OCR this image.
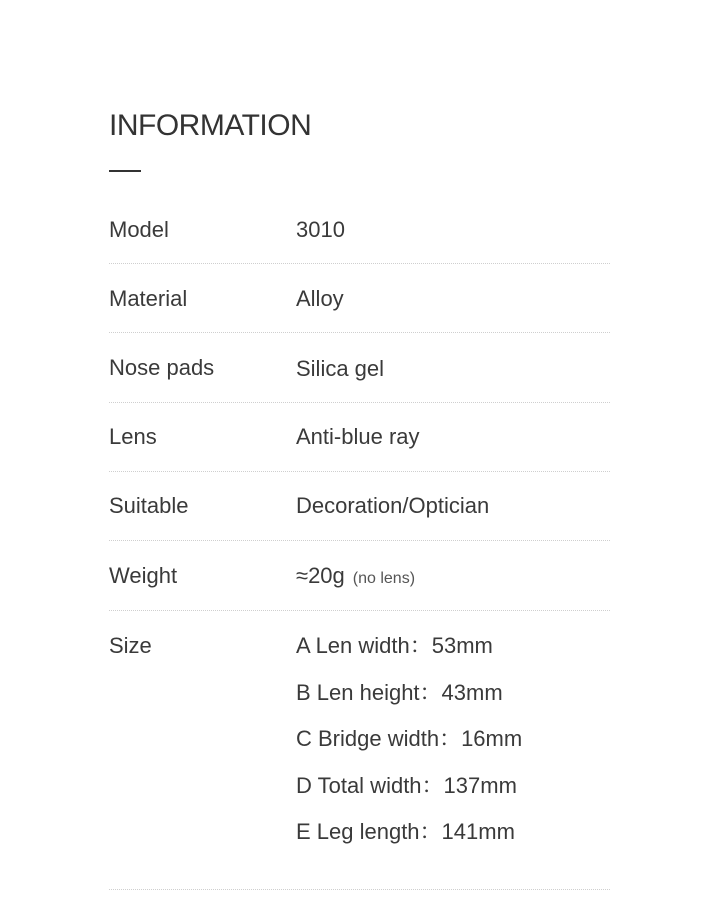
INFORMATION
Model	3010
Material	Alloy
Nose pads	Silica gel
Lens	Anti-blue ray
Suitable	Decoration/Optician
Weight	≈20g (no lens)
Size	A Len width：53mm
B Len height：43mm
C Bridge width：16mm
D Total width：137mm
E Leg length：141mm
